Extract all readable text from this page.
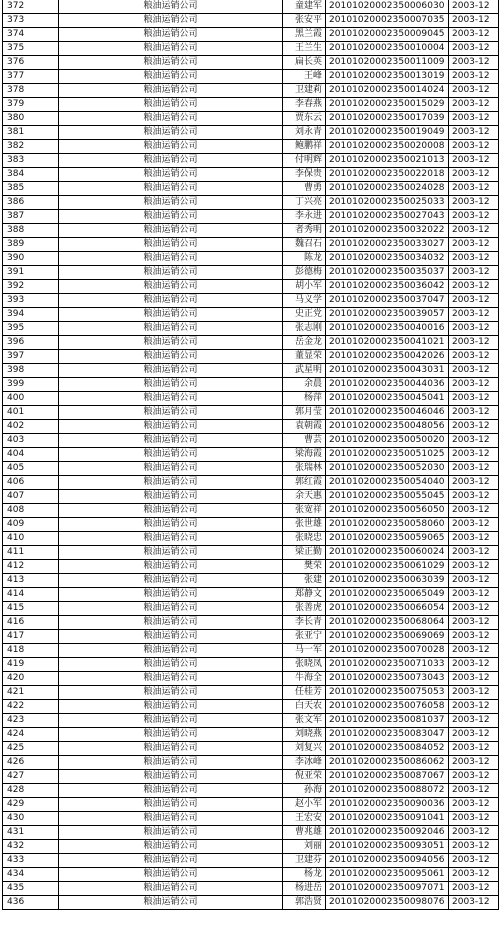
372	粮油运销公司	童建军	20101020002350006030	2003-12
373	粮油运销公司	张安平	20101020002350007035	2003-12
374	粮油运销公司	黑兰霞	20101020002350009045	2003-12
375	粮油运销公司	王兰生	20101020002350010004	2003-12
376	粮油运销公司	扁长英	20101020002350011009	2003-12
377	粮油运销公司	王峰	20101020002350013019	2003-12
378	粮油运销公司	卫建莉	20101020002350014024	2003-12
379	粮油运销公司	李春燕	20101020002350015029	2003-12
380	粮油运销公司	贾东云	20101020002350017039	2003-12
381	粮油运销公司	刘永青	20101020002350019049	2003-12
382	粮油运销公司	鲍鹏祥	20101020002350020008	2003-12
383	粮油运销公司	付明辉	20101020002350021013	2003-12
384	粮油运销公司	李保贵	20101020002350022018	2003-12
385	粮油运销公司	曹勇	20101020002350024028	2003-12
386	粮油运销公司	丁兴亮	20101020002350025033	2003-12
387	粮油运销公司	李永进	20101020002350027043	2003-12
388	粮油运销公司	者秀明	20101020002350032022	2003-12
389	粮油运销公司	魏召石	20101020002350033027	2003-12
390	粮油运销公司	陈龙	20101020002350034032	2003-12
391	粮油运销公司	彭德梅	20101020002350035037	2003-12
392	粮油运销公司	胡小军	20101020002350036042	2003-12
393	粮油运销公司	马义学	20101020002350037047	2003-12
394	粮油运销公司	史正党	20101020002350039057	2003-12
395	粮油运销公司	张志刚	20101020002350040016	2003-12
396	粮油运销公司	岳金龙	20101020002350041021	2003-12
397	粮油运销公司	董显荣	20101020002350042026	2003-12
398	粮油运销公司	武星明	20101020002350043031	2003-12
399	粮油运销公司	余晨	20101020002350044036	2003-12
400	粮油运销公司	杨萍	20101020002350045041	2003-12
401	粮油运销公司	郭月莹	20101020002350046046	2003-12
402	粮油运销公司	袁朝霞	20101020002350048056	2003-12
403	粮油运销公司	曹芸	20101020002350050020	2003-12
404	粮油运销公司	梁海霞	20101020002350051025	2003-12
405	粮油运销公司	张瑞林	20101020002350052030	2003-12
406	粮油运销公司	郭红霞	20101020002350054040	2003-12
407	粮油运销公司	余天惠	20101020002350055045	2003-12
408	粮油运销公司	张宽祥	20101020002350056050	2003-12
409	粮油运销公司	张世雄	20101020002350058060	2003-12
410	粮油运销公司	张晓忠	20101020002350059065	2003-12
411	粮油运销公司	梁正勤	20101020002350060024	2003-12
412	粮油运销公司	樊荣	20101020002350061029	2003-12
413	粮油运销公司	张建	20101020002350063039	2003-12
414	粮油运销公司	郑静文	20101020002350065049	2003-12
415	粮油运销公司	张善虎	20101020002350066054	2003-12
416	粮油运销公司	李长青	20101020002350068064	2003-12
417	粮油运销公司	张亚宁	20101020002350069069	2003-12
418	粮油运销公司	马一军	20101020002350070028	2003-12
419	粮油运销公司	张晓凤	20101020002350071033	2003-12
420	粮油运销公司	牛海全	20101020002350073043	2003-12
421	粮油运销公司	任桂芳	20101020002350075053	2003-12
422	粮油运销公司	白天农	20101020002350076058	2003-12
423	粮油运销公司	张文军	20101020002350081037	2003-12
424	粮油运销公司	刘晓燕	20101020002350083047	2003-12
425	粮油运销公司	刘复兴	20101020002350084052	2003-12
426	粮油运销公司	李冰峰	20101020002350086062	2003-12
427	粮油运销公司	倪亚荣	20101020002350087067	2003-12
428	粮油运销公司	孙海	20101020002350088072	2003-12
429	粮油运销公司	赵小军	20101020002350090036	2003-12
430	粮油运销公司	王宏安	20101020002350091041	2003-12
431	粮油运销公司	曹兆雄	20101020002350092046	2003-12
432	粮油运销公司	刘丽	20101020002350093051	2003-12
433	粮油运销公司	卫建芬	20101020002350094056	2003-12
434	粮油运销公司	杨龙	20101020002350095061	2003-12
435	粮油运销公司	杨进岳	20101020002350097071	2003-12
436	粮油运销公司	郭浩贤	20101020002350098076	2003-12
